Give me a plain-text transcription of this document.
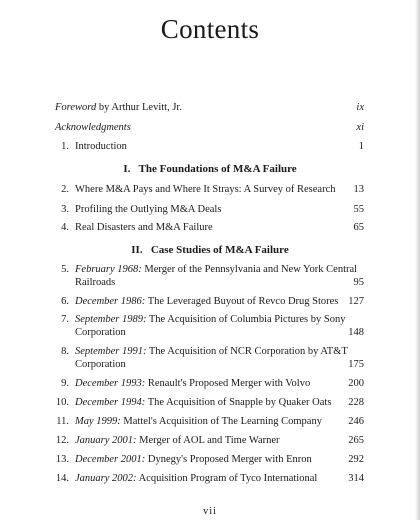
Contents
Foreword by Arthur Levitt, Jr.	ix
Acknowledgments	xi
1. Introduction	1
I. The Foundations of M&A Failure
2. Where M&A Pays and Where It Strays: A Survey of Research	13
3. Profiling the Outlying M&A Deals	55
4. Real Disasters and M&A Failure	65
II. Case Studies of M&A Failure
5. February 1968: Merger of the Pennsylvania and New York Central Railroads	95
6. December 1986: The Leveraged Buyout of Revco Drug Stores 127
7. September 1989: The Acquisition of Columbia Pictures by Sony Corporation	148
8. September 1991: The Acquisition of NCR Corporation by AT&T Corporation	175
9. December 1993: Renault's Proposed Merger with Volvo	200
10. December 1994: The Acquisition of Snapple by Quaker Oats	228
11. May 1999: Mattel's Acquisition of The Learning Company	246
12. January 2001: Merger of AOL and Time Warner	265
13. December 2001: Dynegy's Proposed Merger with Enron	292
14. January 2002: Acquisition Program of Tyco International	314
vii
